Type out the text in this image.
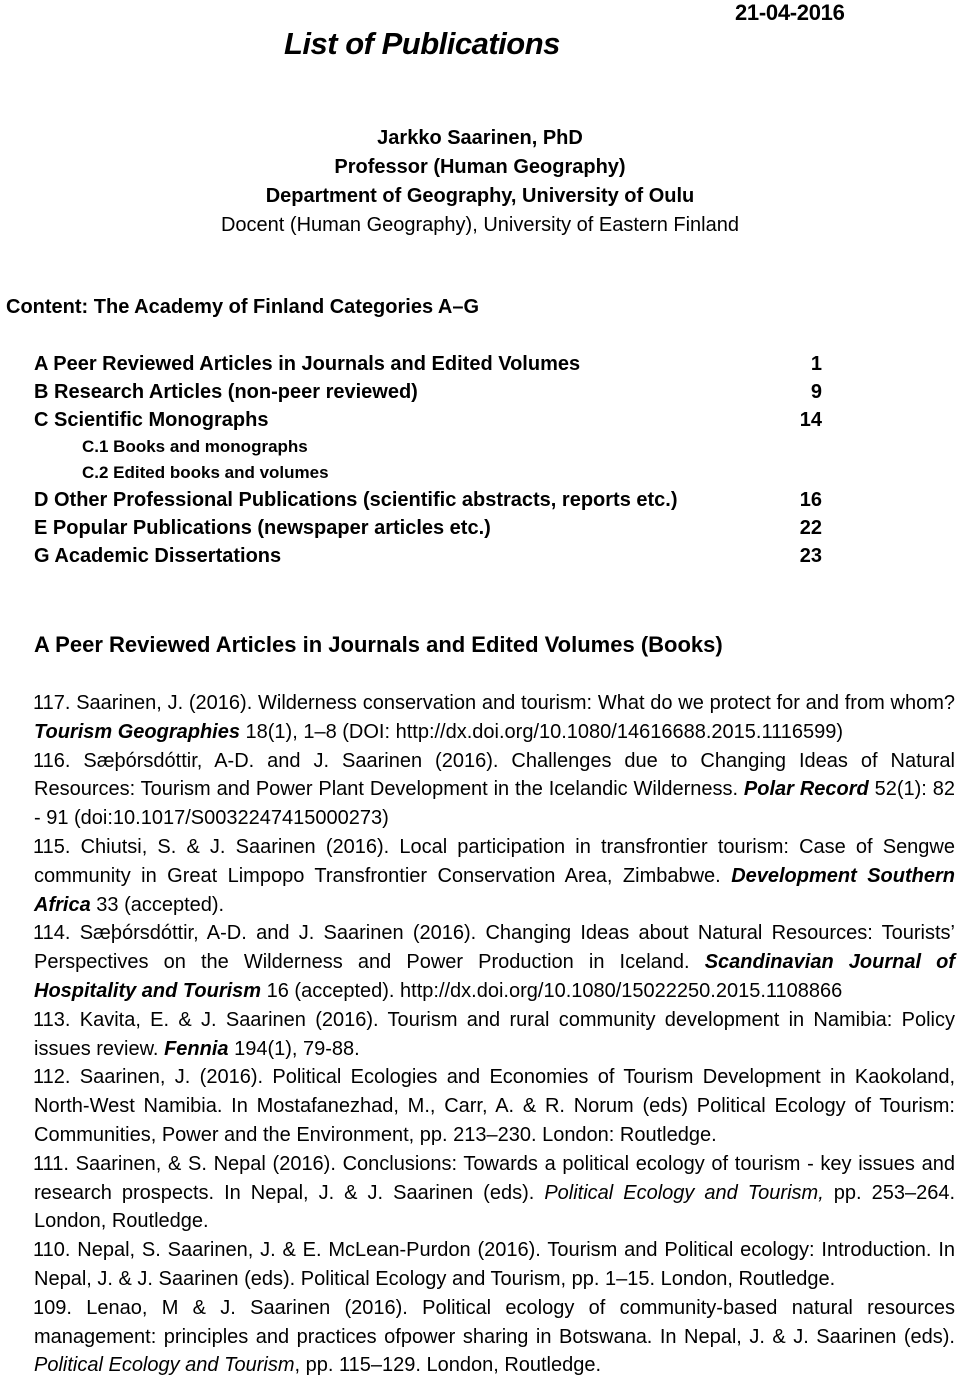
21-04-2016
List of Publications
Jarkko Saarinen, PhD
Professor (Human Geography)
Department of Geography, University of Oulu
Docent (Human Geography), University of Eastern Finland
Content: The Academy of Finland Categories A–G
A Peer Reviewed Articles in Journals and Edited Volumes	1
B Research Articles (non-peer reviewed)	9
C Scientific Monographs	14
C.1 Books and monographs
C.2 Edited books and volumes
D Other Professional Publications (scientific abstracts, reports etc.)	16
E Popular Publications (newspaper articles etc.)	22
G Academic Dissertations	23
A Peer Reviewed Articles in Journals and Edited Volumes (Books)
117. Saarinen, J. (2016). Wilderness conservation and tourism: What do we protect for and from whom? Tourism Geographies 18(1), 1–8 (DOI: http://dx.doi.org/10.1080/14616688.2015.1116599)
116. Sæþórsdóttir, A-D. and J. Saarinen (2016). Challenges due to Changing Ideas of Natural Resources: Tourism and Power Plant Development in the Icelandic Wilderness. Polar Record 52(1): 82 - 91 (doi:10.1017/S0032247415000273)
115. Chiutsi, S. & J. Saarinen (2016). Local participation in transfrontier tourism: Case of Sengwe community in Great Limpopo Transfrontier Conservation Area, Zimbabwe. Development Southern Africa 33 (accepted).
114. Sæþórsdóttir, A-D. and J. Saarinen (2016). Changing Ideas about Natural Resources: Tourists’ Perspectives on the Wilderness and Power Production in Iceland. Scandinavian Journal of Hospitality and Tourism 16 (accepted). http://dx.doi.org/10.1080/15022250.2015.1108866
113. Kavita, E. & J. Saarinen (2016). Tourism and rural community development in Namibia: Policy issues review. Fennia 194(1), 79-88.
112. Saarinen, J. (2016). Political Ecologies and Economies of Tourism Development in Kaokoland, North-West Namibia. In Mostafanezhad, M., Carr, A. & R. Norum (eds) Political Ecology of Tourism: Communities, Power and the Environment, pp. 213–230. London: Routledge.
111. Saarinen, & S. Nepal (2016). Conclusions: Towards a political ecology of tourism - key issues and research prospects. In Nepal, J. & J. Saarinen (eds). Political Ecology and Tourism, pp. 253–264. London, Routledge.
110. Nepal, S. Saarinen, J. & E. McLean-Purdon (2016). Tourism and Political ecology: Introduction. In Nepal, J. & J. Saarinen (eds). Political Ecology and Tourism, pp. 1–15. London, Routledge.
109. Lenao, M & J. Saarinen (2016). Political ecology of community-based natural resources management: principles and practices ofpower sharing in Botswana. In Nepal, J. & J. Saarinen (eds). Political Ecology and Tourism, pp. 115–129. London, Routledge.
